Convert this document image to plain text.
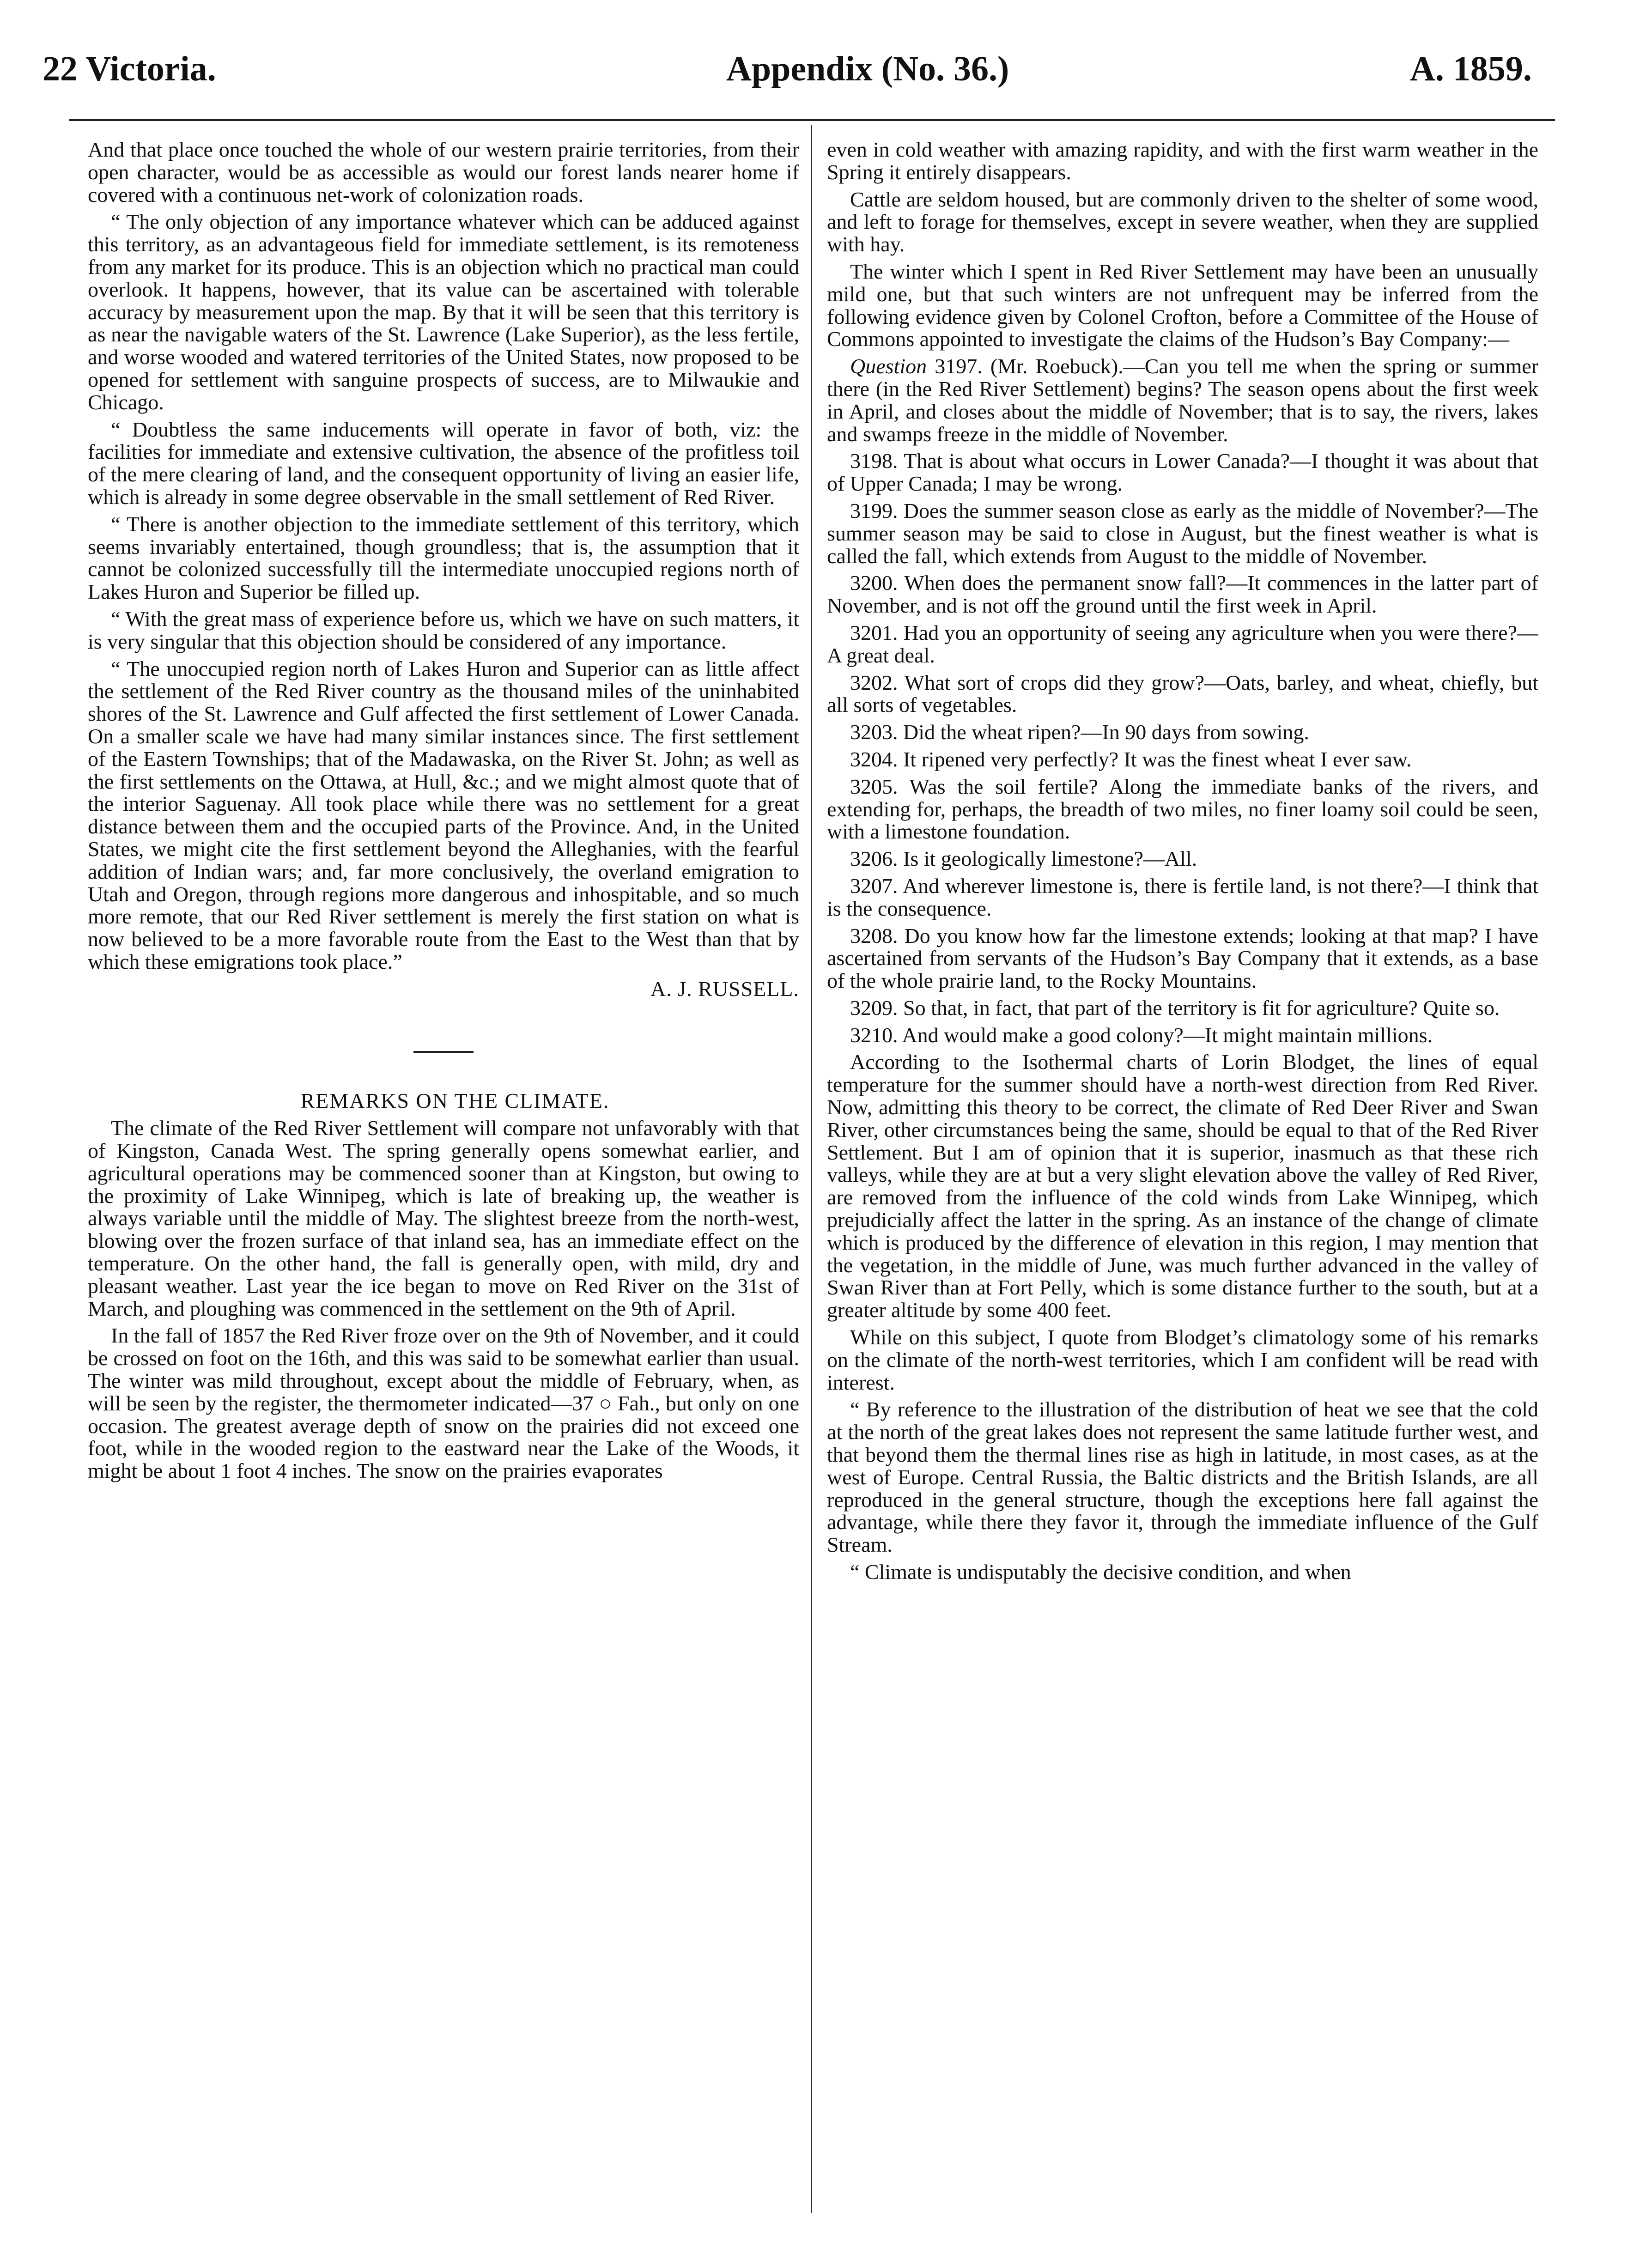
22 Victoria.	Appendix (No. 36.)	A. 1859.

And that place once touched the whole of our western prairie territories, from their open character, would be as accessible as would our forest lands nearer home if covered with a continuous net-work of colonization roads.

“ The only objection of any importance whatever which can be adduced against this territory, as an advantageous field for immediate settlement, is its remoteness from any market for its produce. This is an objection which no practical man could overlook. It happens, however, that its value can be ascertained with tolerable accuracy by measurement upon the map. By that it will be seen that this territory is as near the navigable waters of the St. Lawrence (Lake Superior), as the less fertile, and worse wooded and watered territories of the United States, now proposed to be opened for settlement with sanguine prospects of success, are to Milwaukie and Chicago.

“ Doubtless the same inducements will operate in favor of both, viz: the facilities for immediate and extensive cultivation, the absence of the profitless toil of the mere clearing of land, and the consequent opportunity of living an easier life, which is already in some degree observable in the small settlement of Red River.

“ There is another objection to the immediate settlement of this territory, which seems invariably entertained, though groundless; that is, the assumption that it cannot be colonized successfully till the intermediate unoccupied regions north of Lakes Huron and Superior be filled up.

“ With the great mass of experience before us, which we have on such matters, it is very singular that this objection should be considered of any importance.

“ The unoccupied region north of Lakes Huron and Superior can as little affect the settlement of the Red River country as the thousand miles of the uninhabited shores of the St. Lawrence and Gulf affected the first settlement of Lower Canada. On a smaller scale we have had many similar instances since. The first settlement of the Eastern Townships; that of the Madawaska, on the River St. John; as well as the first settlements on the Ottawa, at Hull, &c.; and we might almost quote that of the interior Saguenay. All took place while there was no settlement for a great distance between them and the occupied parts of the Province. And, in the United States, we might cite the first settlement beyond the Alleghanies, with the fearful addition of Indian wars; and, far more conclusively, the overland emigration to Utah and Oregon, through regions more dangerous and inhospitable, and so much more remote, that our Red River settlement is merely the first station on what is now believed to be a more favorable route from the East to the West than that by which these emigrations took place.”

A. J. RUSSELL.

REMARKS ON THE CLIMATE.

The climate of the Red River Settlement will compare not unfavorably with that of Kingston, Canada West. The spring generally opens somewhat earlier, and agricultural operations may be commenced sooner than at Kingston, but owing to the proximity of Lake Winnipeg, which is late of breaking up, the weather is always variable until the middle of May. The slightest breeze from the north-west, blowing over the frozen surface of that inland sea, has an immediate effect on the temperature. On the other hand, the fall is generally open, with mild, dry and pleasant weather. Last year the ice began to move on Red River on the 31st of March, and ploughing was commenced in the settlement on the 9th of April.

In the fall of 1857 the Red River froze over on the 9th of November, and it could be crossed on foot on the 16th, and this was said to be somewhat earlier than usual. The winter was mild throughout, except about the middle of February, when, as will be seen by the register, the thermometer indicated—37 ○ Fah., but only on one occasion. The greatest average depth of snow on the prairies did not exceed one foot, while in the wooded region to the eastward near the Lake of the Woods, it might be about 1 foot 4 inches. The snow on the prairies evaporates

even in cold weather with amazing rapidity, and with the first warm weather in the Spring it entirely disappears.

Cattle are seldom housed, but are commonly driven to the shelter of some wood, and left to forage for themselves, except in severe weather, when they are supplied with hay.

The winter which I spent in Red River Settlement may have been an unusually mild one, but that such winters are not unfrequent may be inferred from the following evidence given by Colonel Crofton, before a Committee of the House of Commons appointed to investigate the claims of the Hudson’s Bay Company:—

Question 3197. (Mr. Roebuck).—Can you tell me when the spring or summer there (in the Red River Settlement) begins? The season opens about the first week in April, and closes about the middle of November; that is to say, the rivers, lakes and swamps freeze in the middle of November.

3198. That is about what occurs in Lower Canada?—I thought it was about that of Upper Canada; I may be wrong.

3199. Does the summer season close as early as the middle of November?—The summer season may be said to close in August, but the finest weather is what is called the fall, which extends from August to the middle of November.

3200. When does the permanent snow fall?—It commences in the latter part of November, and is not off the ground until the first week in April.

3201. Had you an opportunity of seeing any agriculture when you were there?—A great deal.

3202. What sort of crops did they grow?—Oats, barley, and wheat, chiefly, but all sorts of vegetables.

3203. Did the wheat ripen?—In 90 days from sowing.

3204. It ripened very perfectly? It was the finest wheat I ever saw.

3205. Was the soil fertile? Along the immediate banks of the rivers, and extending for, perhaps, the breadth of two miles, no finer loamy soil could be seen, with a limestone foundation.

3206. Is it geologically limestone?—All.

3207. And wherever limestone is, there is fertile land, is not there?—I think that is the consequence.

3208. Do you know how far the limestone extends; looking at that map? I have ascertained from servants of the Hudson’s Bay Company that it extends, as a base of the whole prairie land, to the Rocky Mountains.

3209. So that, in fact, that part of the territory is fit for agriculture? Quite so.

3210. And would make a good colony?—It might maintain millions.

According to the Isothermal charts of Lorin Blodget, the lines of equal temperature for the summer should have a north-west direction from Red River. Now, admitting this theory to be correct, the climate of Red Deer River and Swan River, other circumstances being the same, should be equal to that of the Red River Settlement. But I am of opinion that it is superior, inasmuch as that these rich valleys, while they are at but a very slight elevation above the valley of Red River, are removed from the influence of the cold winds from Lake Winnipeg, which prejudicially affect the latter in the spring. As an instance of the change of climate which is produced by the difference of elevation in this region, I may mention that the vegetation, in the middle of June, was much further advanced in the valley of Swan River than at Fort Pelly, which is some distance further to the south, but at a greater altitude by some 400 feet.

While on this subject, I quote from Blodget’s climatology some of his remarks on the climate of the north-west territories, which I am confident will be read with interest.

“ By reference to the illustration of the distribution of heat we see that the cold at the north of the great lakes does not represent the same latitude further west, and that beyond them the thermal lines rise as high in latitude, in most cases, as at the west of Europe. Central Russia, the Baltic districts and the British Islands, are all reproduced in the general structure, though the exceptions here fall against the advantage, while there they favor it, through the immediate influence of the Gulf Stream.

“ Climate is undisputably the decisive condition, and when
